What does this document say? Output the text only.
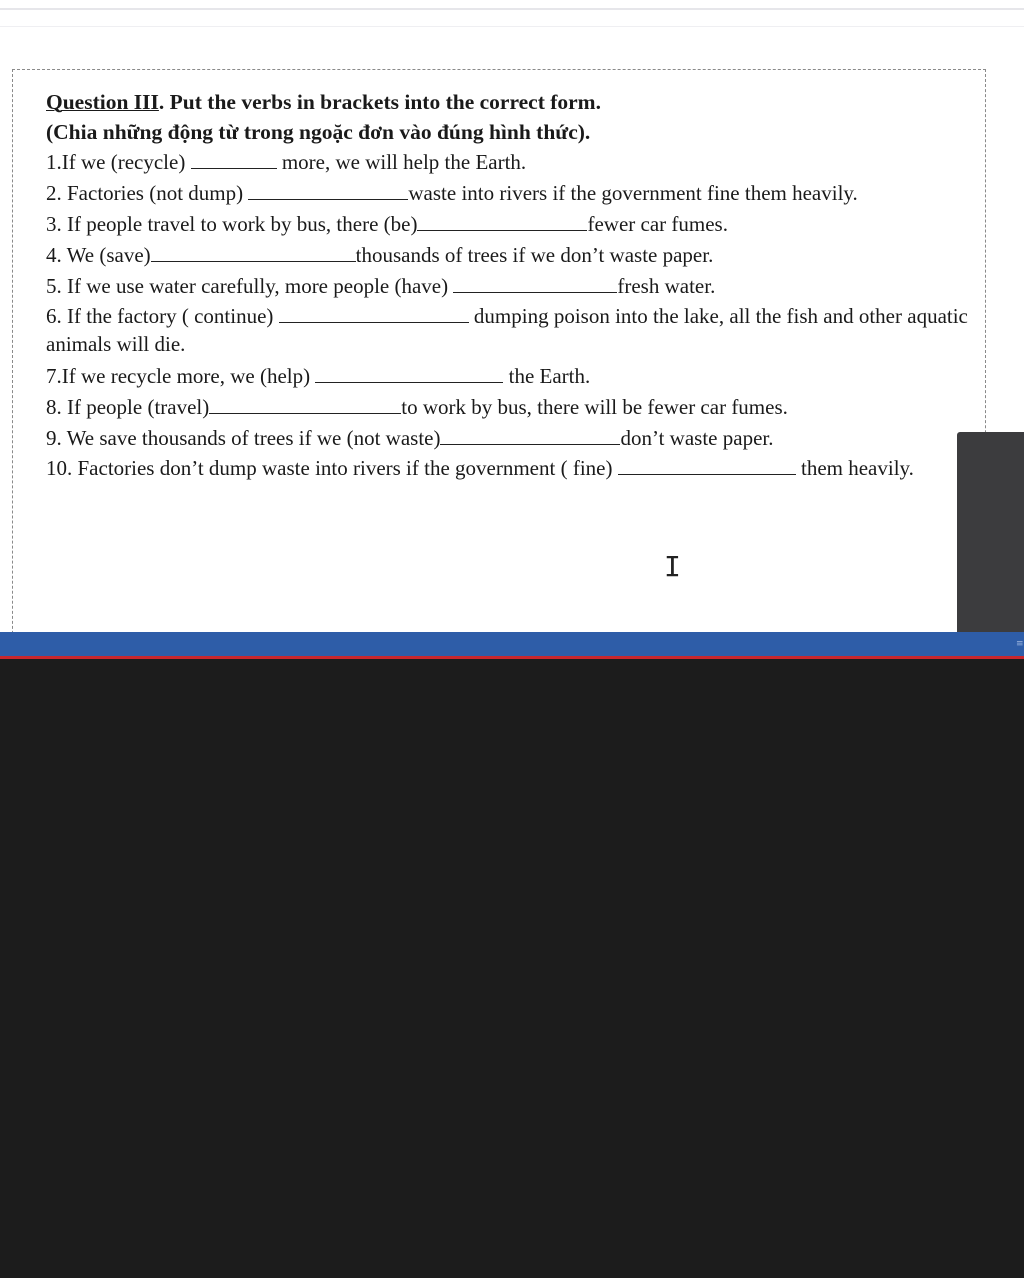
Question III. Put the verbs in brackets into the correct form.
(Chia những động từ trong ngoặc đơn vào đúng hình thức).
1.If we (recycle)	more, we will help the Earth.
2. Factories (not dump)	waste into rivers if the government fine them heavily.
3. If people travel to work by bus, there (be)	fewer car fumes.
4. We (save)	thousands of trees if we don’t waste paper.
5. If we use water carefully, more people (have)	fresh water.
6. If the factory ( continue)	dumping poison into the lake, all the fish and other aquatic animals will die.
7.If we recycle more, we (help)	the Earth.
8. If people (travel)	to work by bus, there will be fewer car fumes.
9. We save thousands of trees if we (not waste)	don’t waste paper.
10. Factories don’t dump waste into rivers if the government ( fine)	them heavily.
I
≡
